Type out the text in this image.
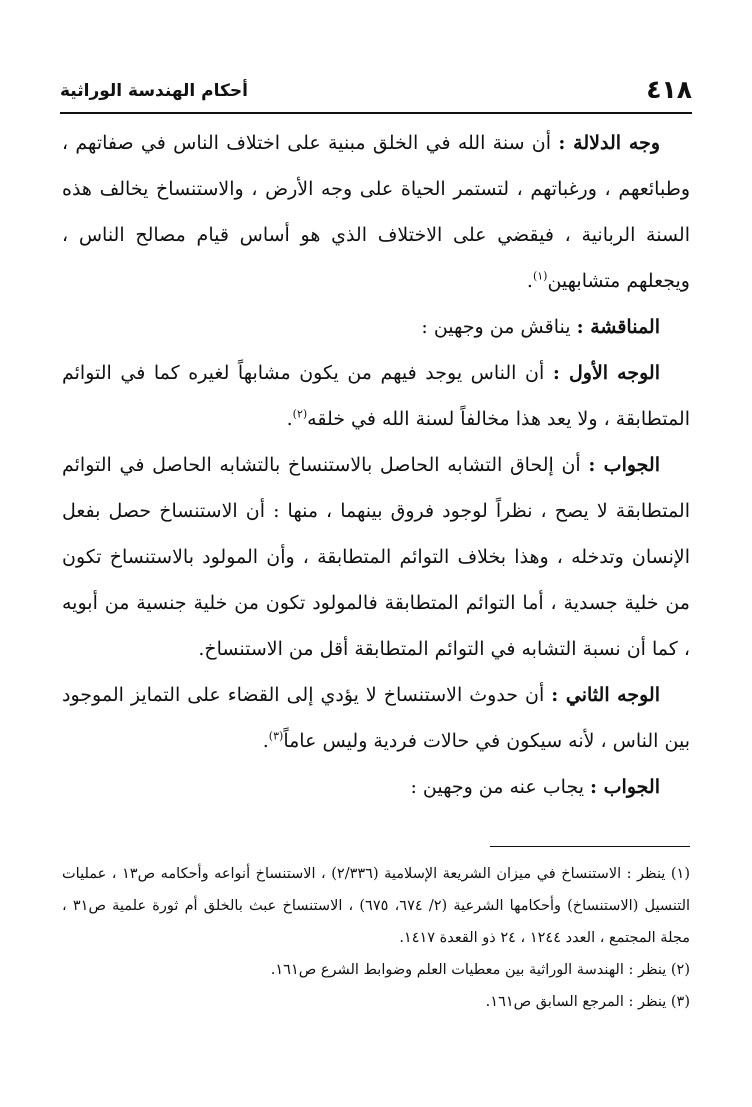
٤١٨
أحكام الهندسة الوراثية

وجه الدلالة : أن سنة الله في الخلق مبنية على اختلاف الناس في صفاتهم ، وطبائعهم ، ورغباتهم ، لتستمر الحياة على وجه الأرض ، والاستنساخ يخالف هذه السنة الربانية ، فيقضي على الاختلاف الذي هو أساس قيام مصالح الناس ، ويجعلهم متشابهين$^{(١)}$.

المناقشة : يناقش من وجهين :

الوجه الأول : أن الناس يوجد فيهم من يكون مشابهاً لغيره كما في التوائم المتطابقة ، ولا يعد هذا مخالفاً لسنة الله في خلقه$^{(٢)}$.

الجواب : أن إلحاق التشابه الحاصل بالاستنساخ بالتشابه الحاصل في التوائم المتطابقة لا يصح ، نظراً لوجود فروق بينهما ، منها : أن الاستنساخ حصل بفعل الإنسان وتدخله ، وهذا بخلاف التوائم المتطابقة ، وأن المولود بالاستنساخ تكون من خلية جسدية ، أما التوائم المتطابقة فالمولود تكون من خلية جنسية من أبويه ، كما أن نسبة التشابه في التوائم المتطابقة أقل من الاستنساخ.

الوجه الثاني : أن حدوث الاستنساخ لا يؤدي إلى القضاء على التمايز الموجود بين الناس ، لأنه سيكون في حالات فردية وليس عاماً$^{(٣)}$.

الجواب : يجاب عنه من وجهين :

(١) ينظر : الاستنساخ في ميزان الشريعة الإسلامية (٢/٣٣٦) ، الاستنساخ أنواعه وأحكامه ص١٣ ، عمليات التنسيل (الاستنساخ) وأحكامها الشرعية (٢/ ٦٧٤، ٦٧٥) ، الاستنساخ عبث بالخلق أم ثورة علمية ص٣١ ، مجلة المجتمع ، العدد ١٢٤٤ ، ٢٤ ذو القعدة ١٤١٧.

(٢) ينظر : الهندسة الوراثية بين معطيات العلم وضوابط الشرع ص١٦١.

(٣) ينظر : المرجع السابق ص١٦١.
